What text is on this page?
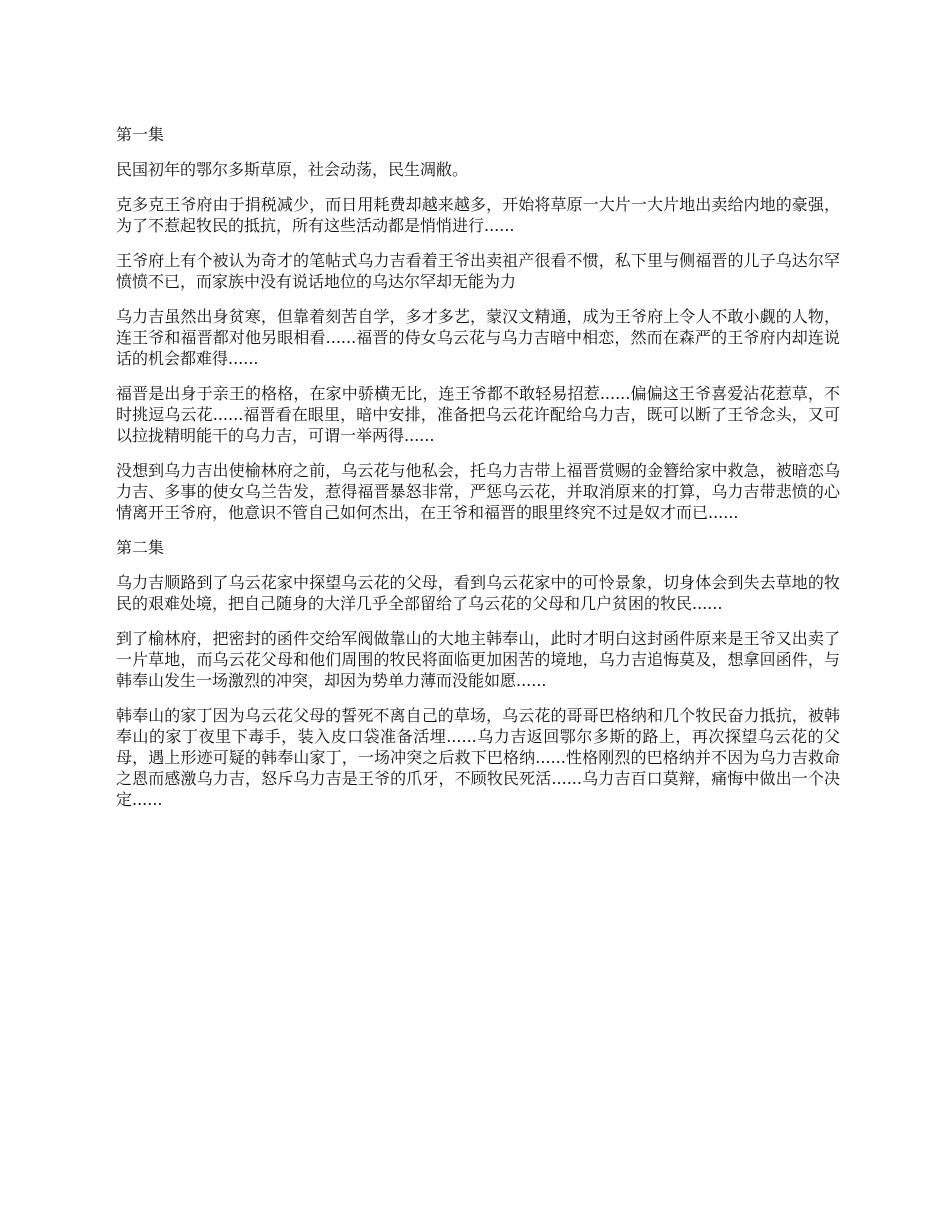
第一集

民国初年的鄂尔多斯草原，社会动荡，民生凋敝。

克多克王爷府由于捐税减少，而日用耗费却越来越多，开始将草原一大片一大片地出卖给内地的豪强，为了不惹起牧民的抵抗，所有这些活动都是悄悄进行......

王爷府上有个被认为奇才的笔帖式乌力吉看着王爷出卖祖产很看不惯，私下里与侧福晋的儿子乌达尔罕愤愤不已，而家族中没有说话地位的乌达尔罕却无能为力

乌力吉虽然出身贫寒，但靠着刻苦自学，多才多艺，蒙汉文精通，成为王爷府上令人不敢小觑的人物，连王爷和福晋都对他另眼相看......福晋的侍女乌云花与乌力吉暗中相恋，然而在森严的王爷府内却连说话的机会都难得......

福晋是出身于亲王的格格，在家中骄横无比，连王爷都不敢轻易招惹......偏偏这王爷喜爱沾花惹草，不时挑逗乌云花......福晋看在眼里，暗中安排，准备把乌云花许配给乌力吉，既可以断了王爷念头，又可以拉拢精明能干的乌力吉，可谓一举两得......

没想到乌力吉出使榆林府之前，乌云花与他私会，托乌力吉带上福晋赏赐的金簪给家中救急，被暗恋乌力吉、多事的使女乌兰告发，惹得福晋暴怒非常，严惩乌云花，并取消原来的打算，乌力吉带悲愤的心情离开王爷府，他意识不管自己如何杰出，在王爷和福晋的眼里终究不过是奴才而已......

第二集

乌力吉顺路到了乌云花家中探望乌云花的父母，看到乌云花家中的可怜景象，切身体会到失去草地的牧民的艰难处境，把自己随身的大洋几乎全部留给了乌云花的父母和几户贫困的牧民......

到了榆林府，把密封的函件交给军阀做靠山的大地主韩奉山，此时才明白这封函件原来是王爷又出卖了一片草地，而乌云花父母和他们周围的牧民将面临更加困苦的境地，乌力吉追悔莫及，想拿回函件，与韩奉山发生一场激烈的冲突，却因为势单力薄而没能如愿......

韩奉山的家丁因为乌云花父母的誓死不离自己的草场，乌云花的哥哥巴格纳和几个牧民奋力抵抗，被韩奉山的家丁夜里下毒手，装入皮口袋准备活埋......乌力吉返回鄂尔多斯的路上，再次探望乌云花的父母，遇上形迹可疑的韩奉山家丁，一场冲突之后救下巴格纳......性格刚烈的巴格纳并不因为乌力吉救命之恩而感激乌力吉，怒斥乌力吉是王爷的爪牙，不顾牧民死活......乌力吉百口莫辩，痛悔中做出一个决定......
